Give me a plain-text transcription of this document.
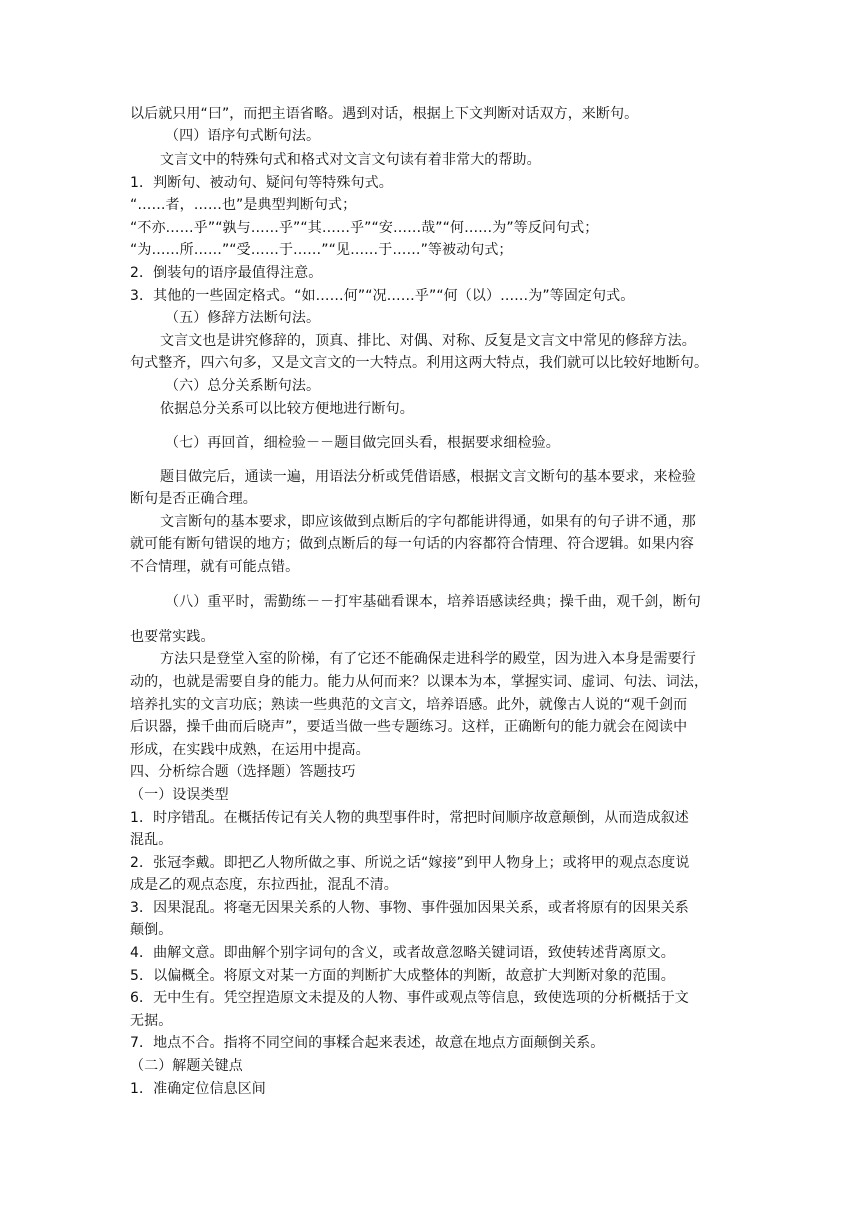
以后就只用“曰”，而把主语省略。遇到对话，根据上下文判断对话双方，来断句。
（四）语序句式断句法。
文言文中的特殊句式和格式对文言文句读有着非常大的帮助。
1．判断句、被动句、疑问句等特殊句式。
“……者，……也”是典型判断句式；
“不亦……乎”“孰与……乎”“其……乎”“安……哉”“何……为”等反问句式；
“为……所……”“受……于……”“见……于……”等被动句式；
2．倒装句的语序最值得注意。
3．其他的一些固定格式。“如……何”“况……乎”“何（以）……为”等固定句式。
（五）修辞方法断句法。
文言文也是讲究修辞的，顶真、排比、对偶、对称、反复是文言文中常见的修辞方法。
句式整齐，四六句多，又是文言文的一大特点。利用这两大特点，我们就可以比较好地断句。
（六）总分关系断句法。
依据总分关系可以比较方便地进行断句。
（七）再回首，细检验－－题目做完回头看，根据要求细检验。
题目做完后，通读一遍，用语法分析或凭借语感，根据文言文断句的基本要求，来检验
断句是否正确合理。
文言断句的基本要求，即应该做到点断后的字句都能讲得通，如果有的句子讲不通，那
就可能有断句错误的地方；做到点断后的每一句话的内容都符合情理、符合逻辑。如果内容
不合情理，就有可能点错。
（八）重平时，需勤练－－打牢基础看课本，培养语感读经典；操千曲，观千剑，断句
也要常实践。
方法只是登堂入室的阶梯，有了它还不能确保走进科学的殿堂，因为进入本身是需要行
动的，也就是需要自身的能力。能力从何而来？以课本为本，掌握实词、虚词、句法、词法，
培养扎实的文言功底；熟读一些典范的文言文，培养语感。此外，就像古人说的“观千剑而
后识器，操千曲而后晓声”，要适当做一些专题练习。这样，正确断句的能力就会在阅读中
形成，在实践中成熟，在运用中提高。
四、分析综合题（选择题）答题技巧
（一）设误类型
1．时序错乱。在概括传记有关人物的典型事件时，常把时间顺序故意颠倒，从而造成叙述
混乱。
2．张冠李戴。即把乙人物所做之事、所说之话“嫁接”到甲人物身上；或将甲的观点态度说
成是乙的观点态度，东拉西扯，混乱不清。
3．因果混乱。将毫无因果关系的人物、事物、事件强加因果关系，或者将原有的因果关系
颠倒。
4．曲解文意。即曲解个别字词句的含义，或者故意忽略关键词语，致使转述背离原文。
5．以偏概全。将原文对某一方面的判断扩大成整体的判断，故意扩大判断对象的范围。
6．无中生有。凭空捏造原文未提及的人物、事件或观点等信息，致使选项的分析概括于文
无据。
7．地点不合。指将不同空间的事糅合起来表述，故意在地点方面颠倒关系。
（二）解题关键点
1．准确定位信息区间
